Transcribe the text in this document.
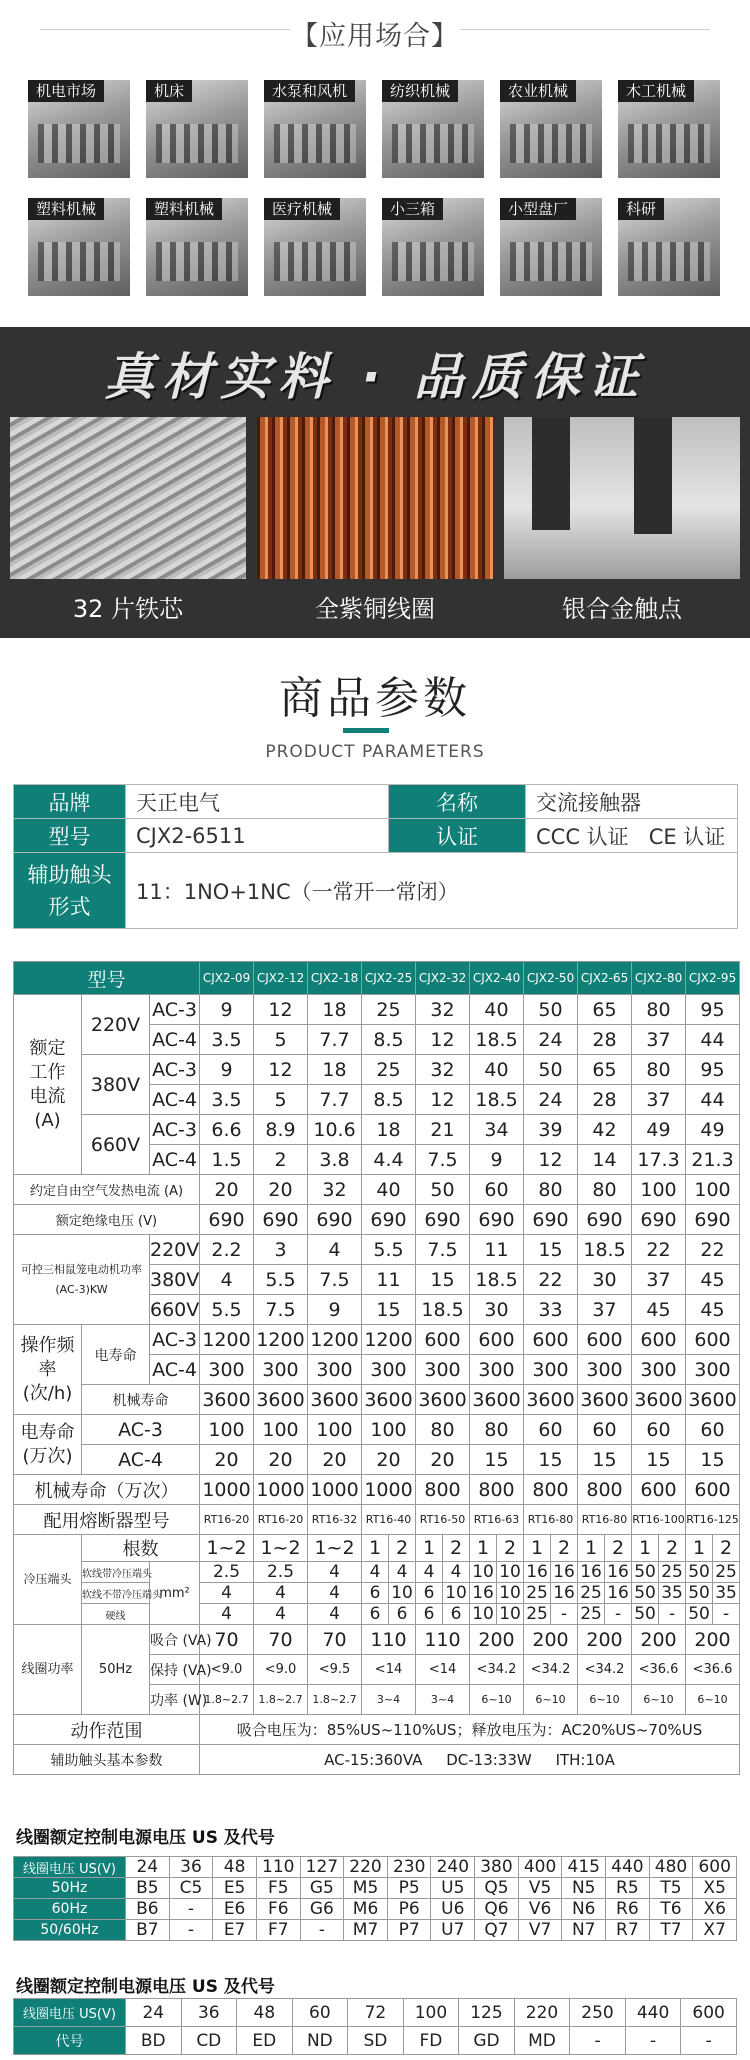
【应用场合】
机电市场	机床	水泵和风机	纺织机械	农业机械	木工机械
塑料机械	塑料机械	医疗机械	小三箱	小型盘厂	科研
真材实料 · 品质保证
32 片铁芯	全紫铜线圈	银合金触点
商品参数
PRODUCT PARAMETERS
品牌	天正电气	名称	交流接触器
型号	CJX2-6511	认证	CCC 认证   CE 认证
辅助触头形式	11：1NO+1NC（一常开一常闭）		
型号			CJX2-09	CJX2-12	CJX2-18	CJX2-25		CJX2-32		CJX2-40		CJX2-50		CJX2-65		CJX2-80		CJX2-95	
额定工作电流(A)	220V	AC-3	9	12	18	25		32		40		50		65		80		95	
		AC-4	3.5	5	7.7	8.5		12		18.5		24		28		37		44	
	380V	AC-3	9	12	18	25		32		40		50		65		80		95	
		AC-4	3.5	5	7.7	8.5		12		18.5		24		28		37		44	
	660V	AC-3	6.6	8.9	10.6	18		21		34		39		42		49		49	
		AC-4	1.5	2	3.8	4.4		7.5		9		12		14		17.3		21.3	
约定自由空气发热电流 (A)			20	20	32	40		50		60		80		80		100		100	
额定绝缘电压 (V)			690	690	690	690		690		690		690		690		690		690	
可控三相鼠笼电动机功率 (AC-3)KW		220V	2.2	3	4	5.5		7.5		11		15		18.5		22		22	
		380V	4	5.5	7.5	11		15		18.5		22		30		37		45	
		660V	5.5	7.5	9	15		18.5		30		33		37		45		45	
操作频率(次/h)	电寿命	AC-3	1200	1200	1200	1200		600		600		600		600		600		600	
		AC-4	300	300	300	300		300		300		300		300		300		300	
	机械寿命		3600	3600	3600	3600		3600		3600		3600		3600		3600		3600	
电寿命(万次)	AC-3		100	100	100	100		80		80		60		60		60		60	
	AC-4		20	20	20	20		20		15		15		15		15		15	
机械寿命（万次）			1000	1000	1000	1000		800		800		800		800		600		600	
配用熔断器型号			RT16-20	RT16-20	RT16-32	RT16-40		RT16-50		RT16-63		RT16-80		RT16-80		RT16-100		RT16-125	
冷压端头	根数		1~2	1~2	1~2	1	2	1	2	1	2	1	2	1	2	1	2	1	2
	软线带冷压端头	mm²	2.5	2.5	4	4	4	4	4	10	10	16	16	16	16	50	25	50	25
	软线不带冷压端头		4	4	4	6	10	6	10	16	10	25	16	25	16	50	35	50	35
	硬线		4	4	4	6	6	6	6	10	10	25	-	25	-	50	-	50	-
线圈功率	50Hz	吸合 (VA)	70	70	70	110		110		200		200		200		200		200	
		保持 (VA)	<9.0	<9.0	<9.5	<14		<14		<34.2		<34.2		<34.2		<36.6		<36.6	
		功率 (W)	1.8~2.7	1.8~2.7	1.8~2.7	3~4		3~4		6~10		6~10		6~10		6~10		6~10	
动作范围			吸合电压为：85%US~110%US；释放电压为：AC20%US~70%US																
辅助触头基本参数			AC-15:360VA     DC-13:33W     ITH:10A																
线圈额定控制电源电压 US 及代号
线圈电压 US(V)	24	36	48	110	127	220	230	240	380	400	415	440	480	600
50Hz	B5	C5	E5	F5	G5	M5	P5	U5	Q5	V5	N5	R5	T5	X5
60Hz	B6	-	E6	F6	G6	M6	P6	U6	Q6	V6	N6	R6	T6	X6
50/60Hz	B7	-	E7	F7	-	M7	P7	U7	Q7	V7	N7	R7	T7	X7
线圈额定控制电源电压 US 及代号
线圈电压 US(V)	24	36	48	60	72	100	125	220	250	440	600
代号	BD	CD	ED	ND	SD	FD	GD	MD	-	-	-
